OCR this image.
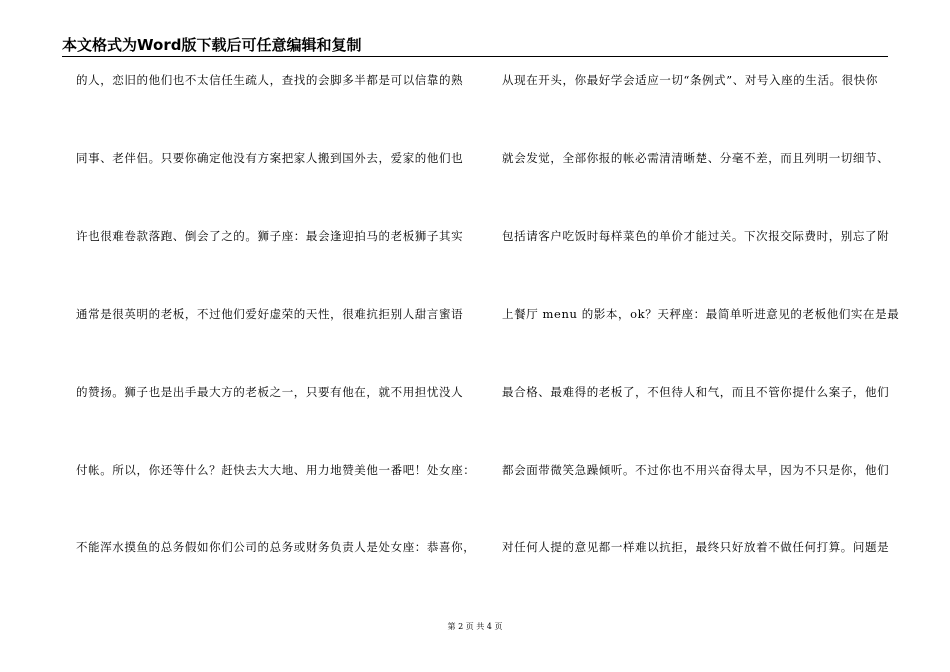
本文格式为Word版下载后可任意编辑和复制
的人，恋旧的他们也不太信任生疏人，查找的会脚多半都是可以信靠的熟
同事、老伴侣。只要你确定他没有方案把家人搬到国外去，爱家的他们也
许也很难卷款落跑、倒会了之的。狮子座：最会逢迎拍马的老板狮子其实
通常是很英明的老板，不过他们爱好虚荣的天性，很难抗拒别人甜言蜜语
的赞扬。狮子也是出手最大方的老板之一，只要有他在，就不用担忧没人
付帐。所以，你还等什么？赶快去大大地、用力地赞美他一番吧！处女座：
不能浑水摸鱼的总务假如你们公司的总务或财务负责人是处女座：恭喜你，
从现在开头，你最好学会适应一切“条例式”、对号入座的生活。很快你
就会发觉，全部你报的帐必需清清晰楚、分毫不差，而且列明一切细节、
包括请客户吃饭时每样菜色的单价才能过关。下次报交际费时，别忘了附
上餐厅 menu 的影本，ok？天秤座：最简单听进意见的老板他们实在是最
最合格、最难得的老板了，不但待人和气，而且不管你提什么案子，他们
都会面带微笑急躁倾听。不过你也不用兴奋得太早，因为不只是你，他们
对任何人提的意见都一样难以抗拒，最终只好放着不做任何打算。问题是
第 2 页 共 4 页
